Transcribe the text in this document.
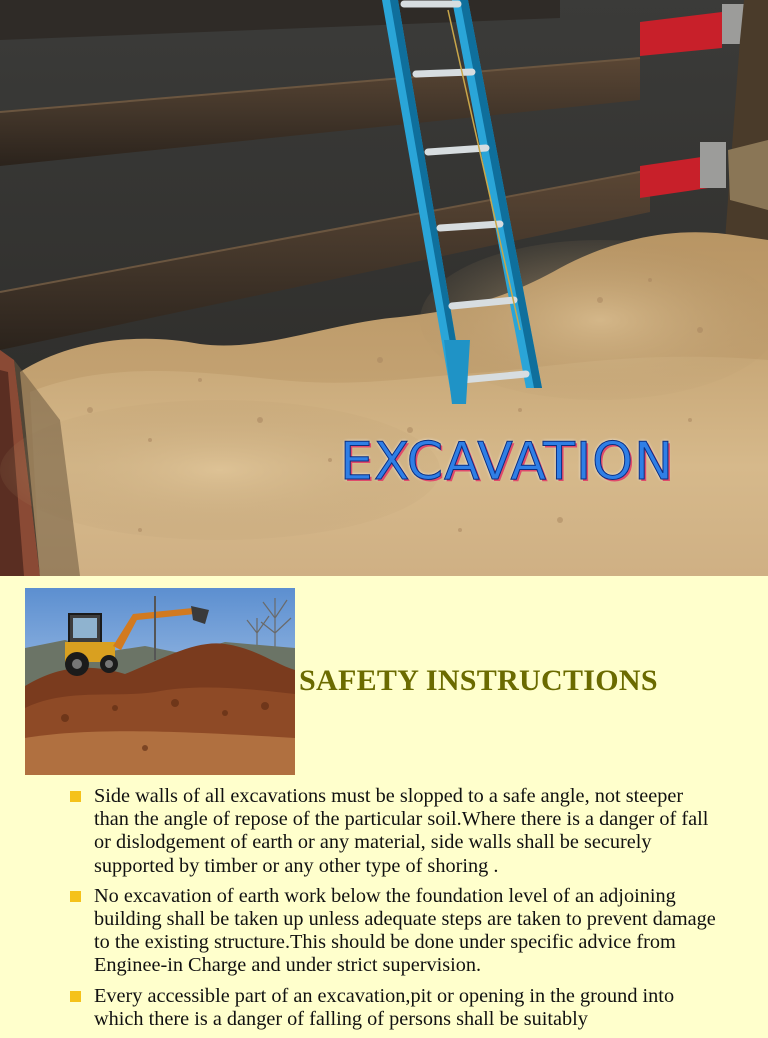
EXCAVATION
SAFETY INSTRUCTIONS
Side walls of all excavations must be slopped to a safe angle, not steeper than the angle of repose of the particular soil.Where there is a danger of fall or dislodgement of earth or any material, side walls shall be securely supported by timber or any other type of shoring .
No excavation of earth work below the foundation level of an adjoining building shall be taken up unless adequate steps are taken to prevent damage to the existing structure.This should be done under specific advice from Enginee-in Charge and under strict supervision.
Every accessible part of an excavation,pit or opening in the ground into which there is a danger of falling of persons shall be suitably
